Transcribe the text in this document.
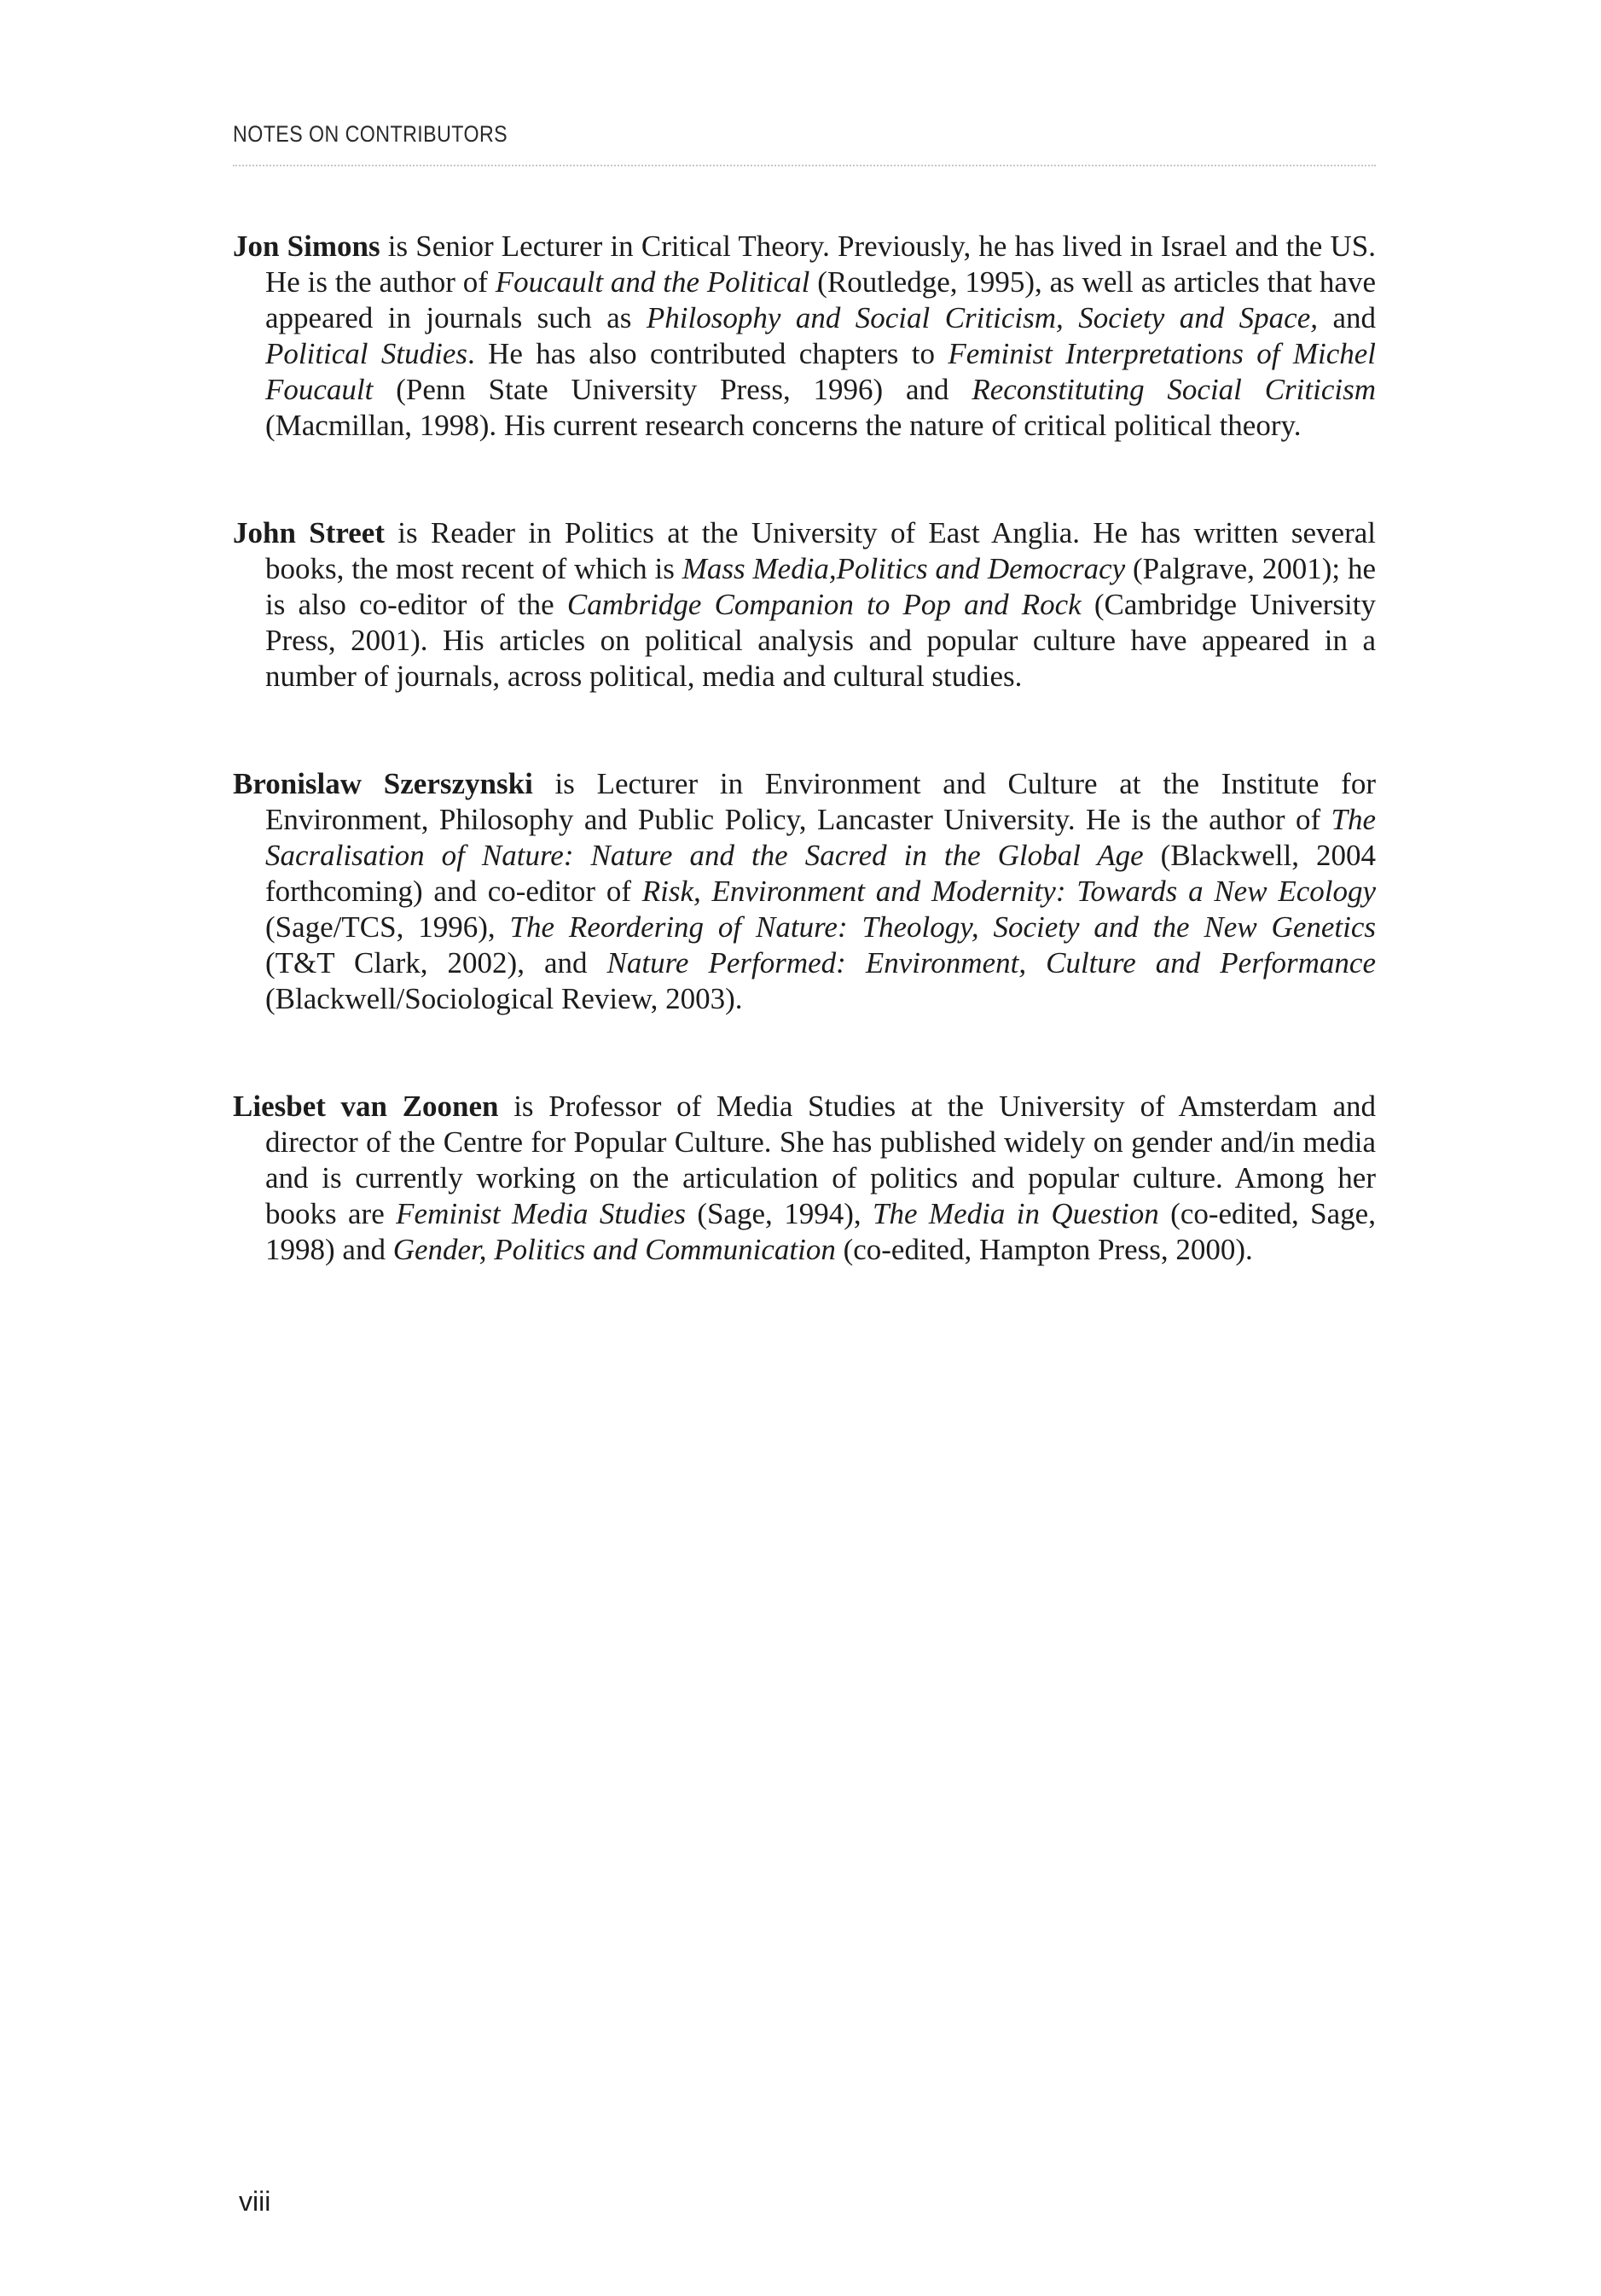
NOTES ON CONTRIBUTORS

Jon Simons is Senior Lecturer in Critical Theory. Previously, he has lived in Israel and the US. He is the author of Foucault and the Political (Routledge, 1995), as well as articles that have appeared in journals such as Philosophy and Social Criticism, Society and Space, and Political Studies. He has also contributed chapters to Feminist Interpretations of Michel Foucault (Penn State University Press, 1996) and Reconstituting Social Criticism (Macmillan, 1998). His current research concerns the nature of critical political theory.

John Street is Reader in Politics at the University of East Anglia. He has written several books, the most recent of which is Mass Media,Politics and Democracy (Palgrave, 2001); he is also co-editor of the Cambridge Companion to Pop and Rock (Cambridge University Press, 2001). His articles on political analysis and popular culture have appeared in a number of journals, across political, media and cultural studies.

Bronislaw Szerszynski is Lecturer in Environment and Culture at the Institute for Environment, Philosophy and Public Policy, Lancaster University. He is the author of The Sacralisation of Nature: Nature and the Sacred in the Global Age (Blackwell, 2004 forthcoming) and co-editor of Risk, Environment and Modernity: Towards a New Ecology (Sage/TCS, 1996), The Reordering of Nature: Theology, Society and the New Genetics (T&T Clark, 2002), and Nature Performed: Environment, Culture and Performance (Blackwell/Sociological Review, 2003).

Liesbet van Zoonen is Professor of Media Studies at the University of Amsterdam and director of the Centre for Popular Culture. She has published widely on gender and/in media and is currently working on the articulation of politics and popular culture. Among her books are Feminist Media Studies (Sage, 1994), The Media in Question (co-edited, Sage, 1998) and Gender, Politics and Communication (co-edited, Hampton Press, 2000).

viii
